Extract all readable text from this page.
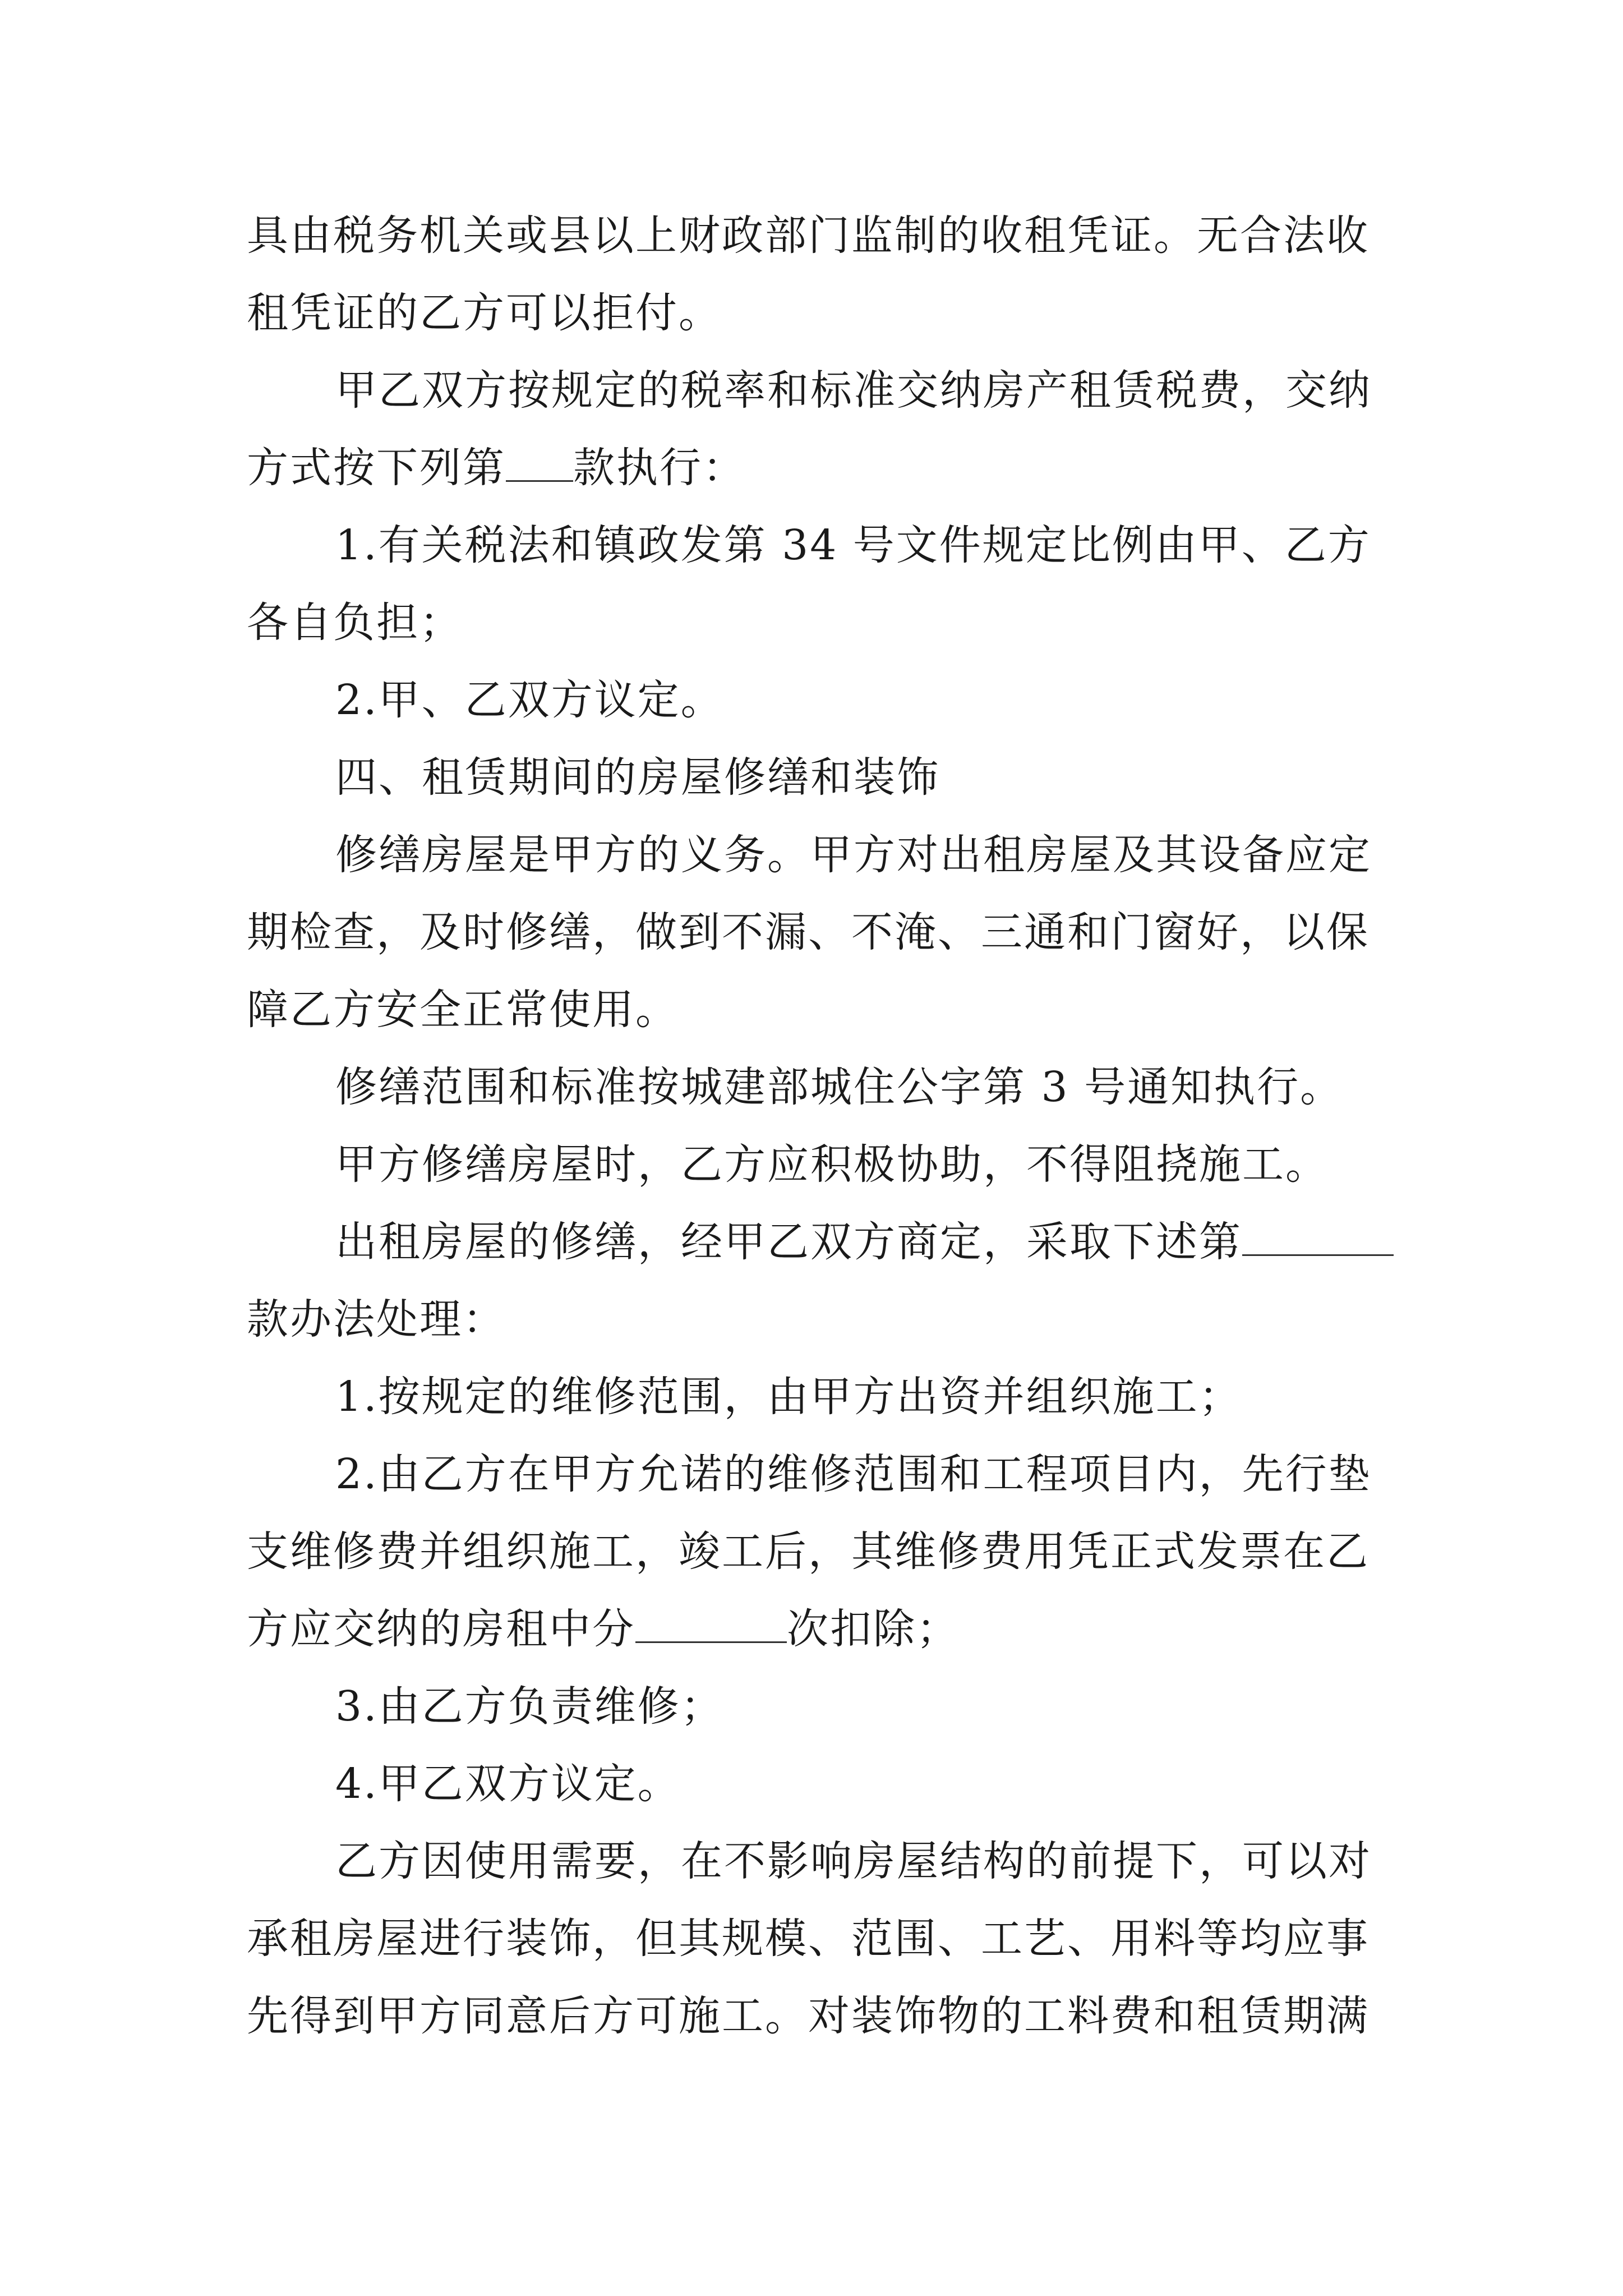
具由税务机关或县以上财政部门监制的收租凭证。无合法收
租凭证的乙方可以拒付。
甲乙双方按规定的税率和标准交纳房产租赁税费，交纳
方式按下列第 款执行：
1.有关税法和镇政发第 34 号文件规定比例由甲、乙方
各自负担；
2.甲、乙双方议定。
四、租赁期间的房屋修缮和装饰
修缮房屋是甲方的义务。甲方对出租房屋及其设备应定
期检查，及时修缮，做到不漏、不淹、三通和门窗好，以保
障乙方安全正常使用。
修缮范围和标准按城建部城住公字第 3 号通知执行。
甲方修缮房屋时，乙方应积极协助，不得阻挠施工。
出租房屋的修缮，经甲乙双方商定，采取下述第
款办法处理：
1.按规定的维修范围，由甲方出资并组织施工；
2.由乙方在甲方允诺的维修范围和工程项目内，先行垫
支维修费并组织施工，竣工后，其维修费用凭正式发票在乙
方应交纳的房租中分	次扣除；
3.由乙方负责维修；
4.甲乙双方议定。
乙方因使用需要，在不影响房屋结构的前提下，可以对
承租房屋进行装饰，但其规模、范围、工艺、用料等均应事
先得到甲方同意后方可施工。对装饰物的工料费和租赁期满
